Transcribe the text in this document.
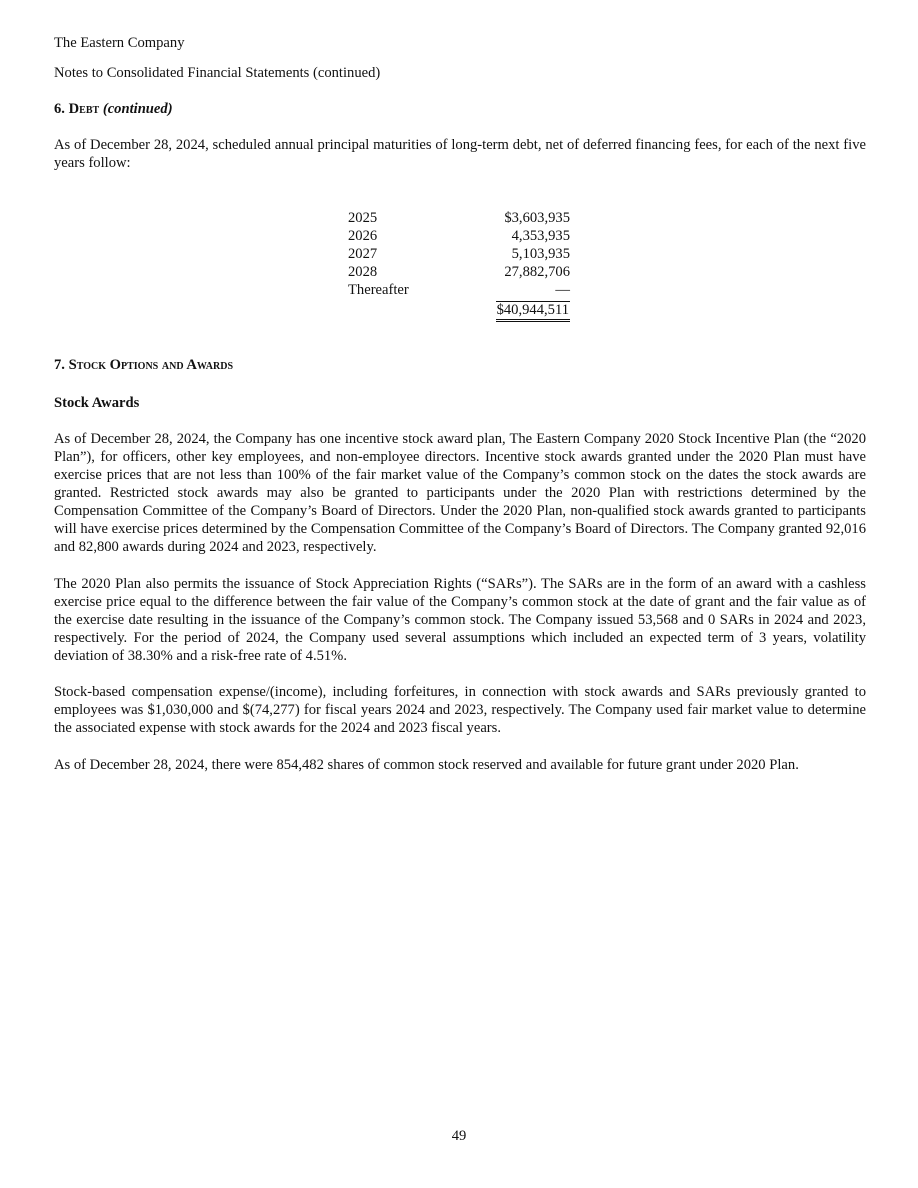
The Eastern Company

Notes to Consolidated Financial Statements (continued)

6. Debt (continued)

As of December 28, 2024, scheduled annual principal maturities of long-term debt, net of deferred financing fees, for each of the next five years follow:

2025	$3,603,935
2026	4,353,935
2027	5,103,935
2028	27,882,706
Thereafter	—
$40,944,511

7. Stock Options and Awards

Stock Awards

As of December 28, 2024, the Company has one incentive stock award plan, The Eastern Company 2020 Stock Incentive Plan (the “2020 Plan”), for officers, other key employees, and non-employee directors. Incentive stock awards granted under the 2020 Plan must have exercise prices that are not less than 100% of the fair market value of the Company’s common stock on the dates the stock awards are granted. Restricted stock awards may also be granted to participants under the 2020 Plan with restrictions determined by the Compensation Committee of the Company’s Board of Directors. Under the 2020 Plan, non-qualified stock awards granted to participants will have exercise prices determined by the Compensation Committee of the Company’s Board of Directors. The Company granted 92,016 and 82,800 awards during 2024 and 2023, respectively.

The 2020 Plan also permits the issuance of Stock Appreciation Rights (“SARs”). The SARs are in the form of an award with a cashless exercise price equal to the difference between the fair value of the Company’s common stock at the date of grant and the fair value as of the exercise date resulting in the issuance of the Company’s common stock. The Company issued 53,568 and 0 SARs in 2024 and 2023, respectively. For the period of 2024, the Company used several assumptions which included an expected term of 3 years, volatility deviation of 38.30% and a risk-free rate of 4.51%.

Stock-based compensation expense/(income), including forfeitures, in connection with stock awards and SARs previously granted to employees was $1,030,000 and $(74,277) for fiscal years 2024 and 2023, respectively. The Company used fair market value to determine the associated expense with stock awards for the 2024 and 2023 fiscal years.

As of December 28, 2024, there were 854,482 shares of common stock reserved and available for future grant under 2020 Plan.

49
